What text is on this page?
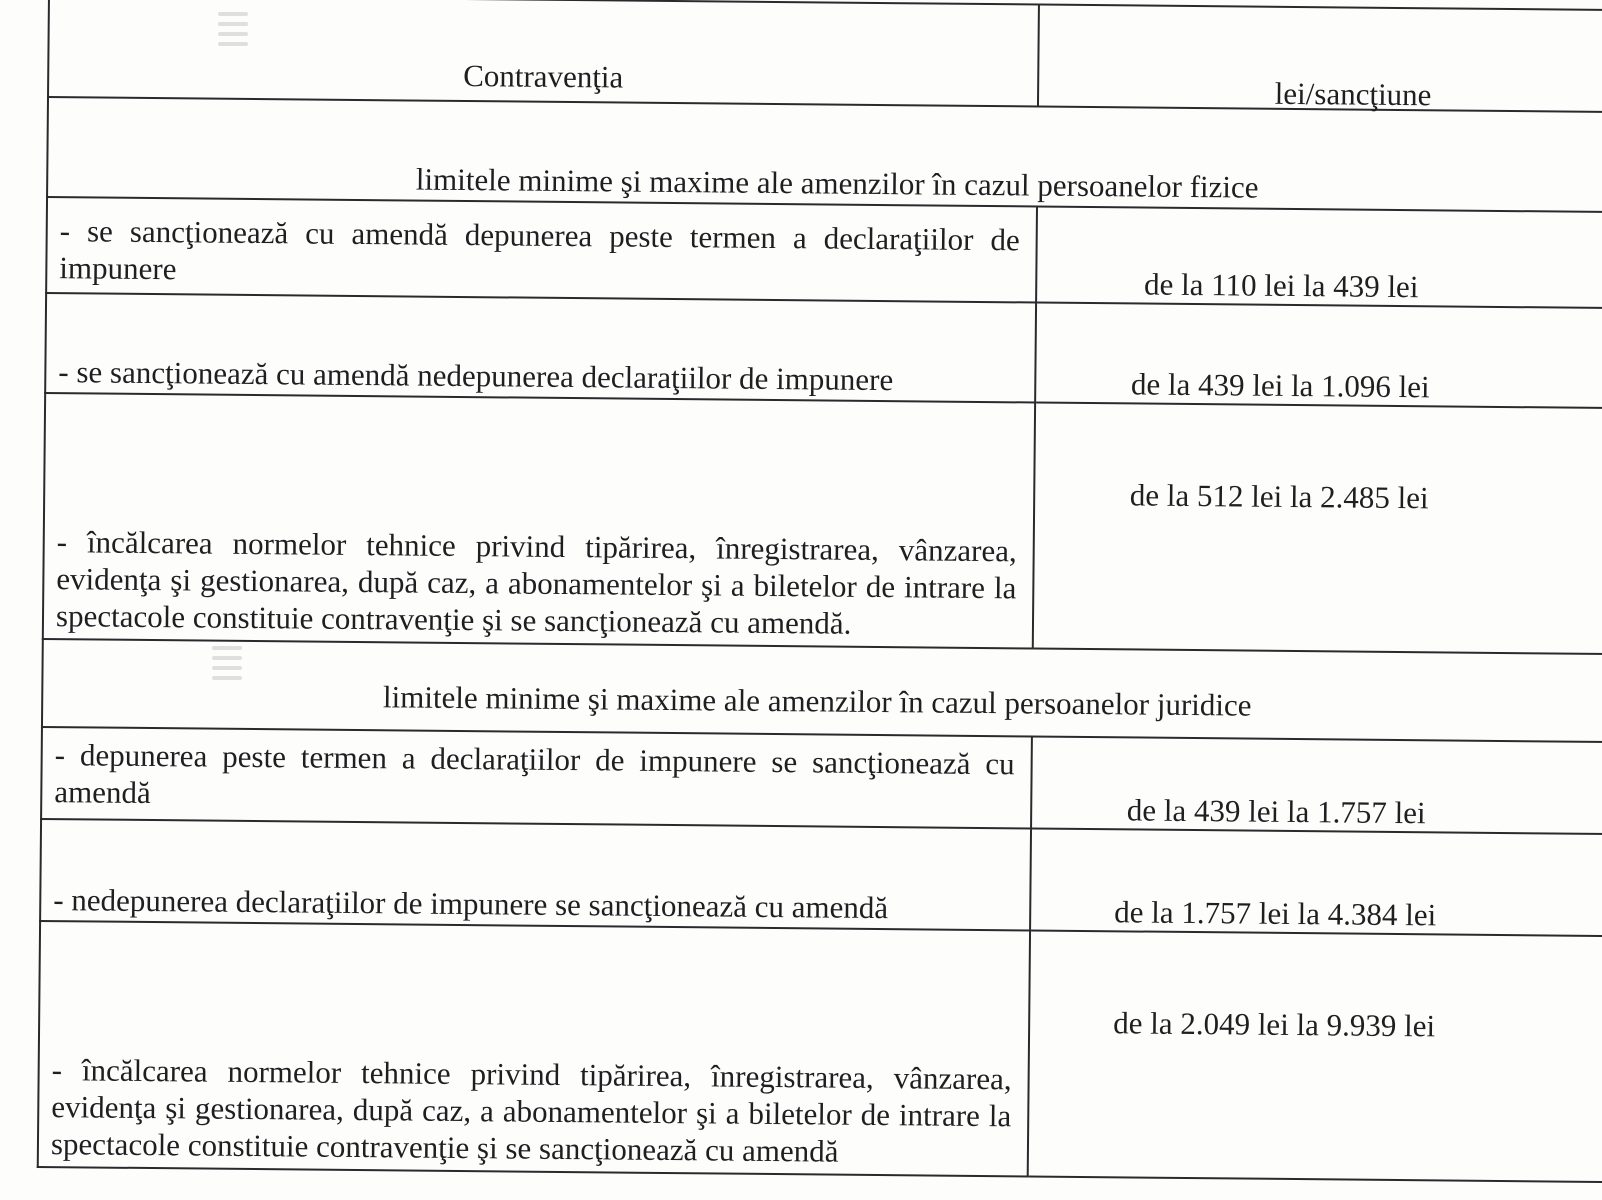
Contravenţia	lei/sancţiune

limitele minime şi maxime ale amenzilor în cazul persoanelor fizice	

- se sancţionează cu amendă depunerea peste termen a declaraţiilor de impunere	de la 110 lei la 439 lei

- se sancţionează cu amendă nedepunerea declaraţiilor de impunere	de la 439 lei la 1.096 lei

- încălcarea normelor tehnice privind tipărirea, înregistrarea, vânzarea, evidenţa şi gestionarea, după caz, a abonamentelor şi a biletelor de intrare la spectacole constituie contravenţie şi se sancţionează cu amendă.	de la 512 lei la 2.485 lei

limitele minime şi maxime ale amenzilor în cazul persoanelor juridice	

- depunerea peste termen a declaraţiilor de impunere se sancţionează cu amendă	de la 439 lei la 1.757 lei

- nedepunerea declaraţiilor de impunere se sancţionează cu amendă	de la 1.757 lei la 4.384 lei

- încălcarea normelor tehnice privind tipărirea, înregistrarea, vânzarea, evidenţa şi gestionarea, după caz, a abonamentelor şi a biletelor de intrare la spectacole constituie contravenţie şi se sancţionează cu amendă	de la 2.049 lei la 9.939 lei
